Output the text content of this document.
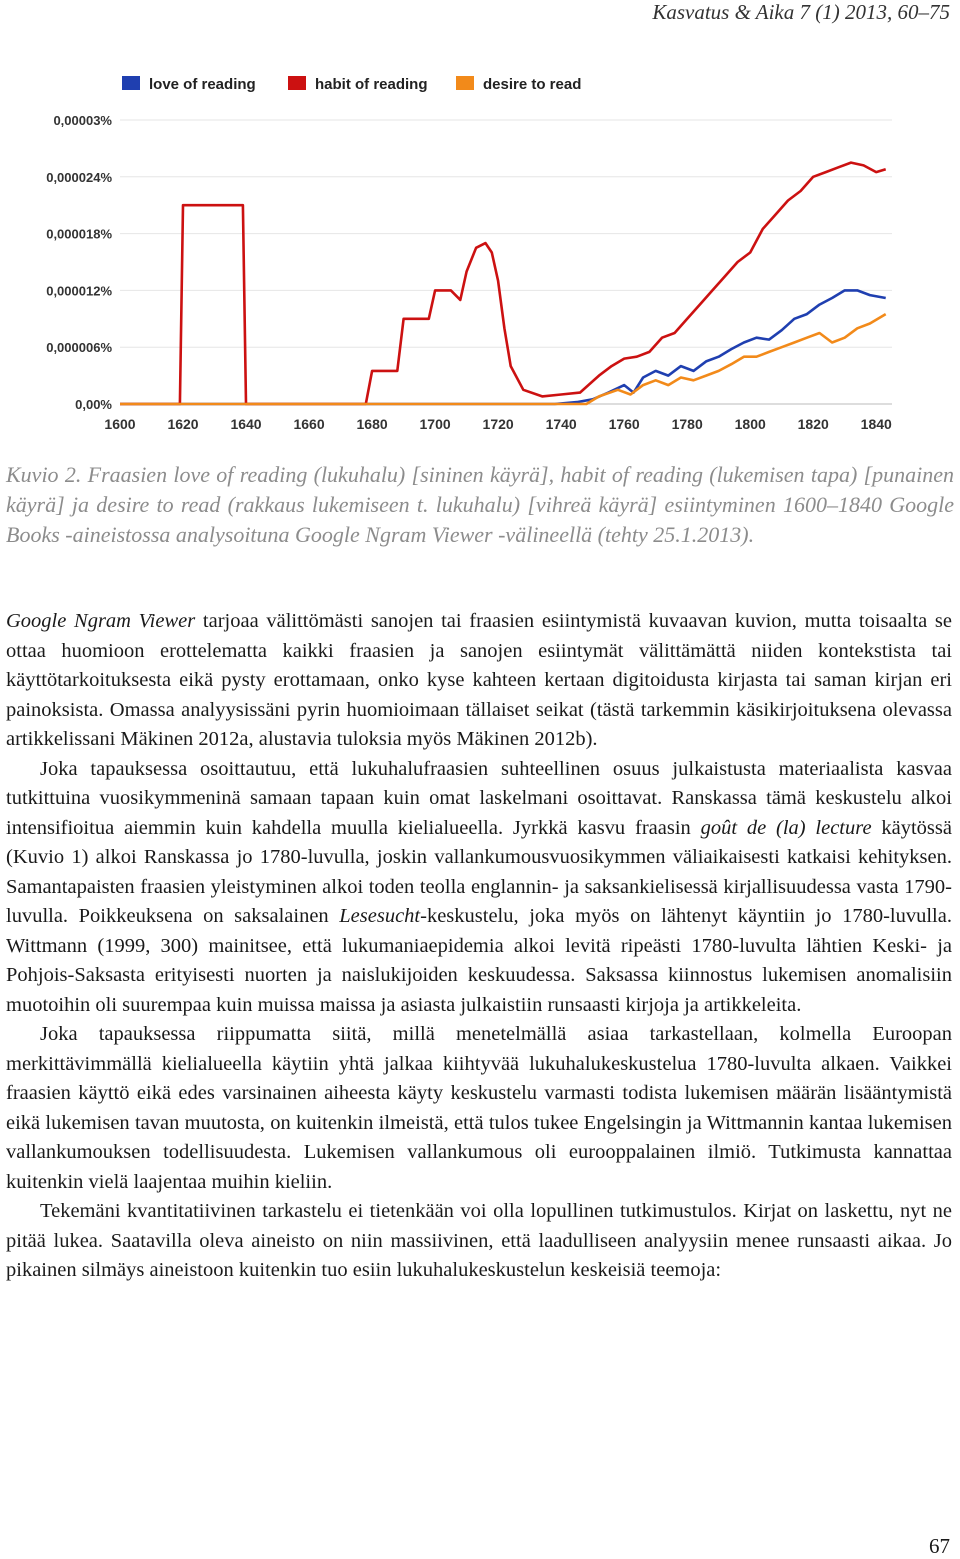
Kasvatus & Aika 7 (1) 2013, 60–75
love of reading	habit of reading	desire to read
0,00%
0,000006%
0,000012%
0,000018%
0,000024%
0,00003%
1600 1620 1640 1660 1680 1700 1720 1740 1760 1780 1800 1820 1840
Kuvio 2. Fraasien love of reading (lukuhalu) [sininen käyrä], habit of reading (lukemisen tapa) [punainen käyrä] ja desire to read (rakkaus lukemiseen t. lukuhalu) [vihreä käyrä] esiintyminen 1600–1840 Google Books -aineistossa analysoituna Google Ngram Viewer -välineellä (tehty 25.1.2013).

Google Ngram Viewer tarjoaa välittömästi sanojen tai fraasien esiintymistä kuvaavan kuvion, mutta toisaalta se ottaa huomioon erottelematta kaikki fraasien ja sanojen esiintymät välittämättä niiden kontekstista tai käyttötarkoituksesta eikä pysty erottamaan, onko kyse kahteen kertaan digitoidusta kirjasta tai saman kirjan eri painoksista. Omassa analyysissäni pyrin huomioimaan tällaiset seikat (tästä tarkemmin käsikirjoituksena olevassa artikkelissani Mäkinen 2012a, alustavia tuloksia myös Mäkinen 2012b).

Joka tapauksessa osoittautuu, että lukuhalufraasien suhteellinen osuus julkaistusta materiaalista kasvaa tutkittuina vuosikymmeninä samaan tapaan kuin omat laskelmani osoittavat. Ranskassa tämä keskustelu alkoi intensifioitua aiemmin kuin kahdella muulla kielialueella. Jyrkkä kasvu fraasin goût de (la) lecture käytössä (Kuvio 1) alkoi Ranskassa jo 1780-luvulla, joskin vallankumousvuosikymmen väliaikaisesti katkaisi kehityksen. Samantapaisten fraasien yleistyminen alkoi toden teolla englannin- ja saksankielisessä kirjallisuudessa vasta 1790-luvulla. Poikkeuksena on saksalainen Lesesucht-keskustelu, joka myös on lähtenyt käyntiin jo 1780-luvulla. Wittmann (1999, 300) mainitsee, että lukumaniaepidemia alkoi levitä ripeästi 1780-luvulta lähtien Keski- ja Pohjois-Saksasta erityisesti nuorten ja naislukijoiden keskuudessa. Saksassa kiinnostus lukemisen anomalisiin muotoihin oli suurempaa kuin muissa maissa ja asiasta julkaistiin runsaasti kirjoja ja artikkeleita.

Joka tapauksessa riippumatta siitä, millä menetelmällä asiaa tarkastellaan, kolmella Euroopan merkittävimmällä kielialueella käytiin yhtä jalkaa kiihtyvää lukuhalukeskustelua 1780-luvulta alkaen. Vaikkei fraasien käyttö eikä edes varsinainen aiheesta käyty keskustelu varmasti todista lukemisen määrän lisääntymistä eikä lukemisen tavan muutosta, on kuitenkin ilmeistä, että tulos tukee Engelsingin ja Wittmannin kantaa lukemisen vallankumouksen todellisuudesta. Lukemisen vallankumous oli eurooppalainen ilmiö. Tutkimusta kannattaa kuitenkin vielä laajentaa muihin kieliin.

Tekemäni kvantitatiivinen tarkastelu ei tietenkään voi olla lopullinen tutkimustulos. Kirjat on laskettu, nyt ne pitää lukea. Saatavilla oleva aineisto on niin massiivinen, että laadulliseen analyysiin menee runsaasti aikaa. Jo pikainen silmäys aineistoon kuitenkin tuo esiin lukuhalukeskustelun keskeisiä teemoja:

67
